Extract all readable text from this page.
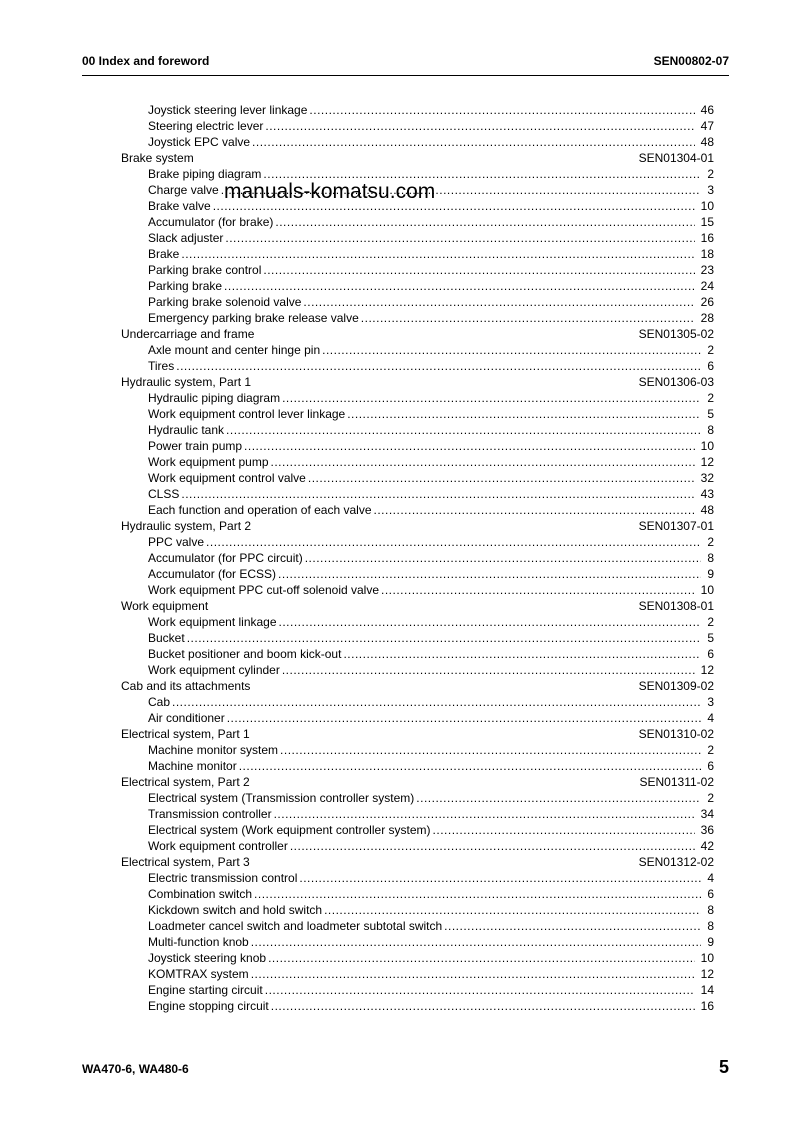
00 Index and foreword	SEN00802-07
Joystick steering lever linkage .....	46
Steering electric lever .....	47
Joystick EPC valve .....	48
Brake system	SEN01304-01
Brake piping diagram .....	2
Charge valve .....	3
Brake valve .....	10
Accumulator (for brake) .....	15
Slack adjuster .....	16
Brake .....	18
Parking brake control .....	23
Parking brake .....	24
Parking brake solenoid valve .....	26
Emergency parking brake release valve .....	28
Undercarriage and frame	SEN01305-02
Axle mount and center hinge pin .....	2
Tires .....	6
Hydraulic system, Part 1	SEN01306-03
Hydraulic piping diagram .....	2
Work equipment control lever linkage .....	5
Hydraulic tank .....	8
Power train pump .....	10
Work equipment pump .....	12
Work equipment control valve .....	32
CLSS .....	43
Each function and operation of each valve .....	48
Hydraulic system, Part 2	SEN01307-01
PPC valve .....	2
Accumulator (for PPC circuit) .....	8
Accumulator (for ECSS) .....	9
Work equipment PPC cut-off solenoid valve .....	10
Work equipment	SEN01308-01
Work equipment linkage .....	2
Bucket .....	5
Bucket positioner and boom kick-out .....	6
Work equipment cylinder .....	12
Cab and its attachments	SEN01309-02
Cab .....	3
Air conditioner .....	4
Electrical system, Part 1	SEN01310-02
Machine monitor system .....	2
Machine monitor .....	6
Electrical system, Part 2	SEN01311-02
Electrical system (Transmission controller system) .....	2
Transmission controller .....	34
Electrical system (Work equipment controller system) .....	36
Work equipment controller .....	42
Electrical system, Part 3	SEN01312-02
Electric transmission control .....	4
Combination switch .....	6
Kickdown switch and hold switch .....	8
Loadmeter cancel switch and loadmeter subtotal switch .....	8
Multi-function knob .....	9
Joystick steering knob .....	10
KOMTRAX system .....	12
Engine starting circuit .....	14
Engine stopping circuit .....	16
manuals-komatsu.com
WA470-6, WA480-6	5
